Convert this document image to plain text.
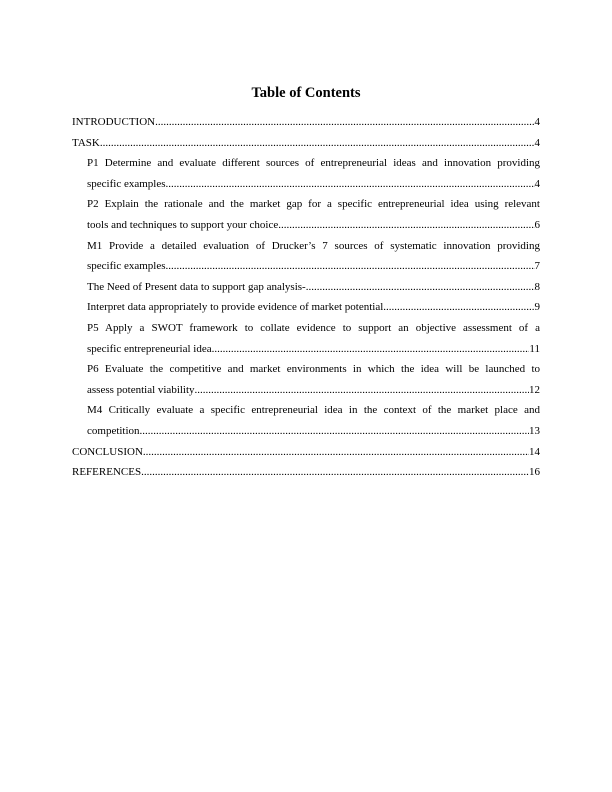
Table of Contents
INTRODUCTION .....	4
TASK .....	4
P1 Determine and evaluate different sources of entrepreneurial ideas and innovation providing
specific examples .....	4
P2 Explain the rationale and the market gap for a specific entrepreneurial idea using relevant
tools and techniques to support your choice .....	6
M1 Provide a detailed evaluation of Drucker’s 7 sources of systematic innovation providing
specific examples .....	7
The Need of Present data to support gap analysis- .....	8
Interpret data appropriately to provide evidence of market potential .....	9
P5 Apply a SWOT framework to collate evidence to support an objective assessment of a
specific entrepreneurial idea .....	11
P6 Evaluate the competitive and market environments in which the idea will be launched to
assess potential viability .....	12
M4 Critically evaluate a specific entrepreneurial idea in the context of the market place and
competition. .....	13
CONCLUSION .....	14
REFERENCES .....	16
